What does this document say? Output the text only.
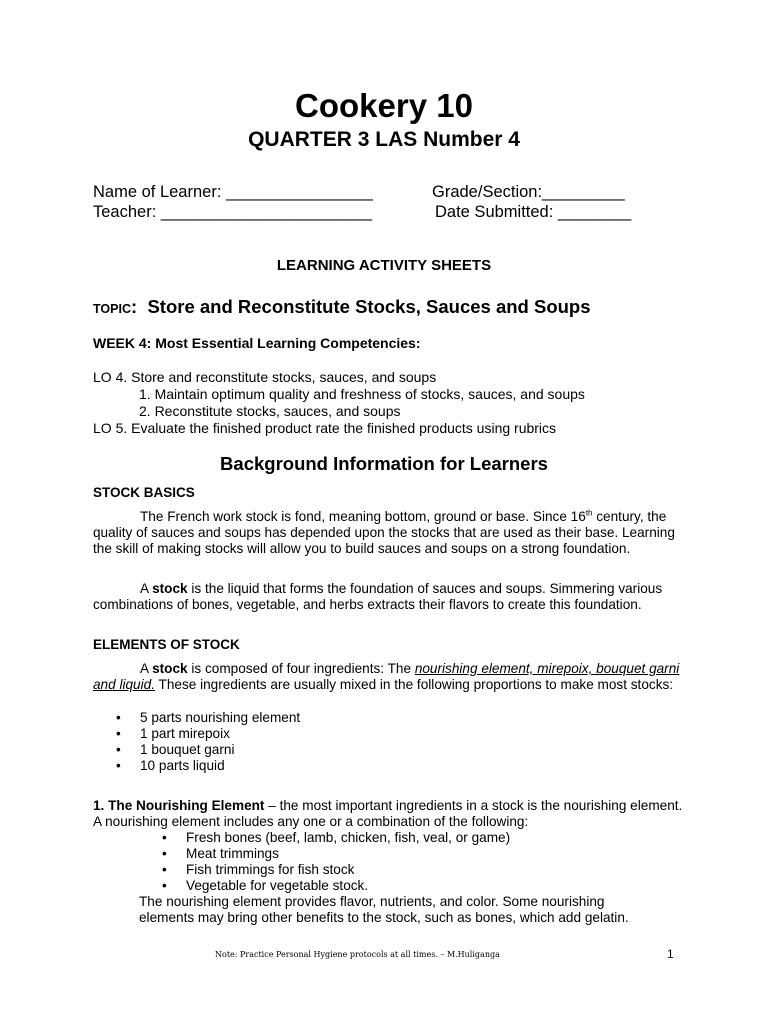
Cookery 10
QUARTER 3 LAS Number 4
Name of Learner: ________________	Grade/Section:_________
Teacher: _______________________	Date Submitted: ________
LEARNING ACTIVITY SHEETS
TOPIC: Store and Reconstitute Stocks, Sauces and Soups
WEEK 4: Most Essential Learning Competencies:
LO 4. Store and reconstitute stocks, sauces, and soups
1. Maintain optimum quality and freshness of stocks, sauces, and soups
2. Reconstitute stocks, sauces, and soups
LO 5. Evaluate the finished product rate the finished products using rubrics
Background Information for Learners
STOCK BASICS
The French work stock is fond, meaning bottom, ground or base. Since 16th century, the quality of sauces and soups has depended upon the stocks that are used as their base. Learning the skill of making stocks will allow you to build sauces and soups on a strong foundation.
A stock is the liquid that forms the foundation of sauces and soups. Simmering various combinations of bones, vegetable, and herbs extracts their flavors to create this foundation.
ELEMENTS OF STOCK
A stock is composed of four ingredients: The nourishing element, mirepoix, bouquet garni and liquid. These ingredients are usually mixed in the following proportions to make most stocks:
• 5 parts nourishing element
• 1 part mirepoix
• 1 bouquet garni
• 10 parts liquid
1. The Nourishing Element – the most important ingredients in a stock is the nourishing element. A nourishing element includes any one or a combination of the following:
• Fresh bones (beef, lamb, chicken, fish, veal, or game)
• Meat trimmings
• Fish trimmings for fish stock
• Vegetable for vegetable stock.
The nourishing element provides flavor, nutrients, and color. Some nourishing elements may bring other benefits to the stock, such as bones, which add gelatin.
Note: Practice Personal Hygiene protocols at all times. – M.Huliganga	1
